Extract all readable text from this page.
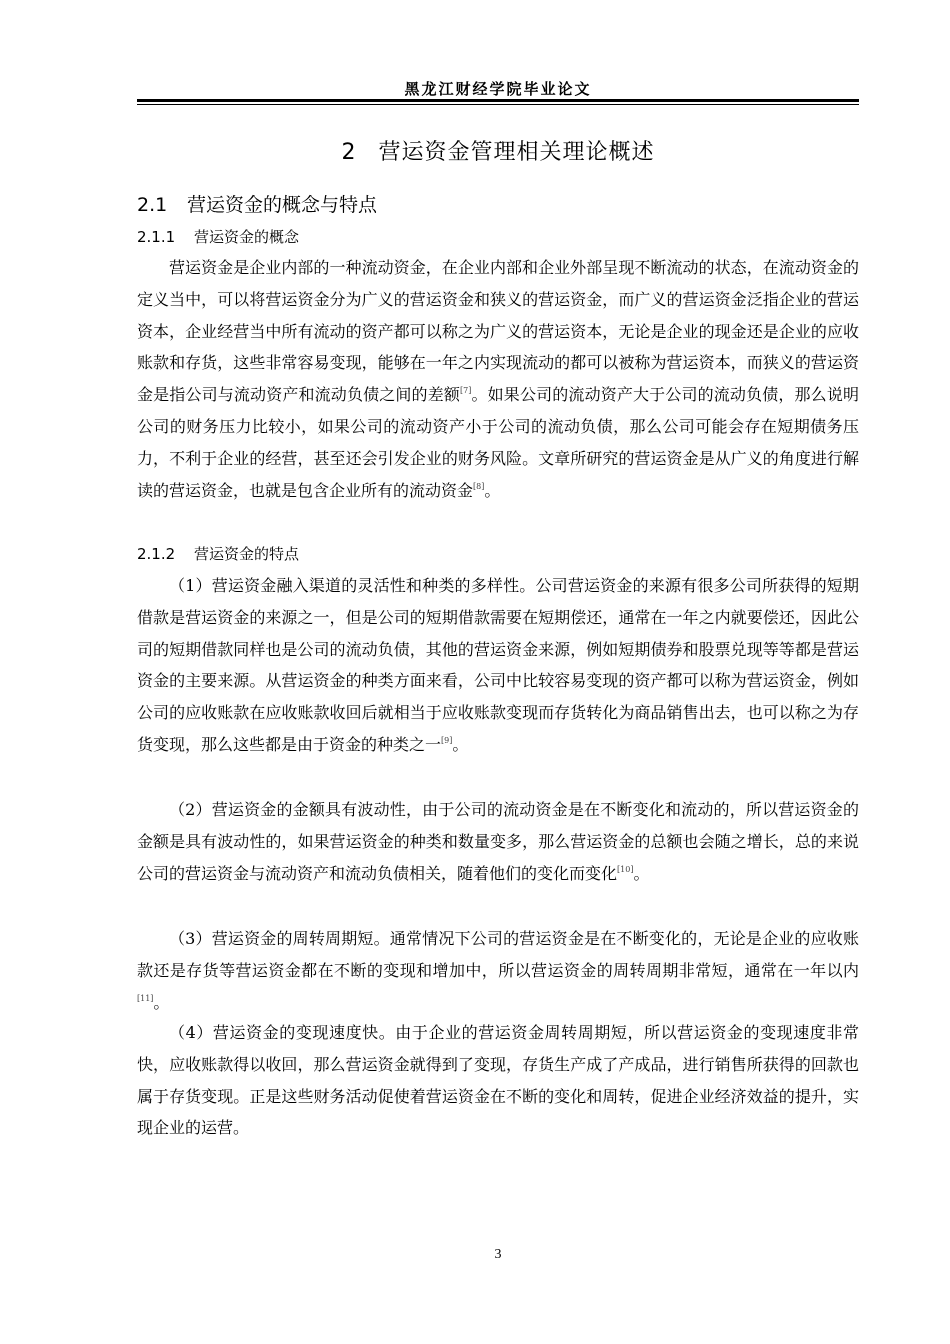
黑龙江财经学院毕业论文
2 营运资金管理相关理论概述
2.1 营运资金的概念与特点
2.1.1 营运资金的概念
营运资金是企业内部的一种流动资金，在企业内部和企业外部呈现不断流动的状态，在流动资金的定义当中，可以将营运资金分为广义的营运资金和狭义的营运资金，而广义的营运资金泛指企业的营运资本，企业经营当中所有流动的资产都可以称之为广义的营运资本，无论是企业的现金还是企业的应收账款和存货，这些非常容易变现，能够在一年之内实现流动的都可以被称为营运资本，而狭义的营运资金是指公司与流动资产和流动负债之间的差额[7]。如果公司的流动资产大于公司的流动负债，那么说明公司的财务压力比较小，如果公司的流动资产小于公司的流动负债，那么公司可能会存在短期债务压力，不利于企业的经营，甚至还会引发企业的财务风险。文章所研究的营运资金是从广义的角度进行解读的营运资金，也就是包含企业所有的流动资金[8]。
2.1.2 营运资金的特点
（1）营运资金融入渠道的灵活性和种类的多样性。公司营运资金的来源有很多公司所获得的短期借款是营运资金的来源之一，但是公司的短期借款需要在短期偿还，通常在一年之内就要偿还，因此公司的短期借款同样也是公司的流动负债，其他的营运资金来源，例如短期债券和股票兑现等等都是营运资金的主要来源。从营运资金的种类方面来看，公司中比较容易变现的资产都可以称为营运资金，例如公司的应收账款在应收账款收回后就相当于应收账款变现而存货转化为商品销售出去，也可以称之为存货变现，那么这些都是由于资金的种类之一[9]。
（2）营运资金的金额具有波动性，由于公司的流动资金是在不断变化和流动的，所以营运资金的金额是具有波动性的，如果营运资金的种类和数量变多，那么营运资金的总额也会随之增长，总的来说公司的营运资金与流动资产和流动负债相关，随着他们的变化而变化[10]。
（3）营运资金的周转周期短。通常情况下公司的营运资金是在不断变化的，无论是企业的应收账款还是存货等营运资金都在不断的变现和增加中，所以营运资金的周转周期非常短，通常在一年以内[11]。
（4）营运资金的变现速度快。由于企业的营运资金周转周期短，所以营运资金的变现速度非常快，应收账款得以收回，那么营运资金就得到了变现，存货生产成了产成品，进行销售所获得的回款也属于存货变现。正是这些财务活动促使着营运资金在不断的变化和周转，促进企业经济效益的提升，实现企业的运营。
3
